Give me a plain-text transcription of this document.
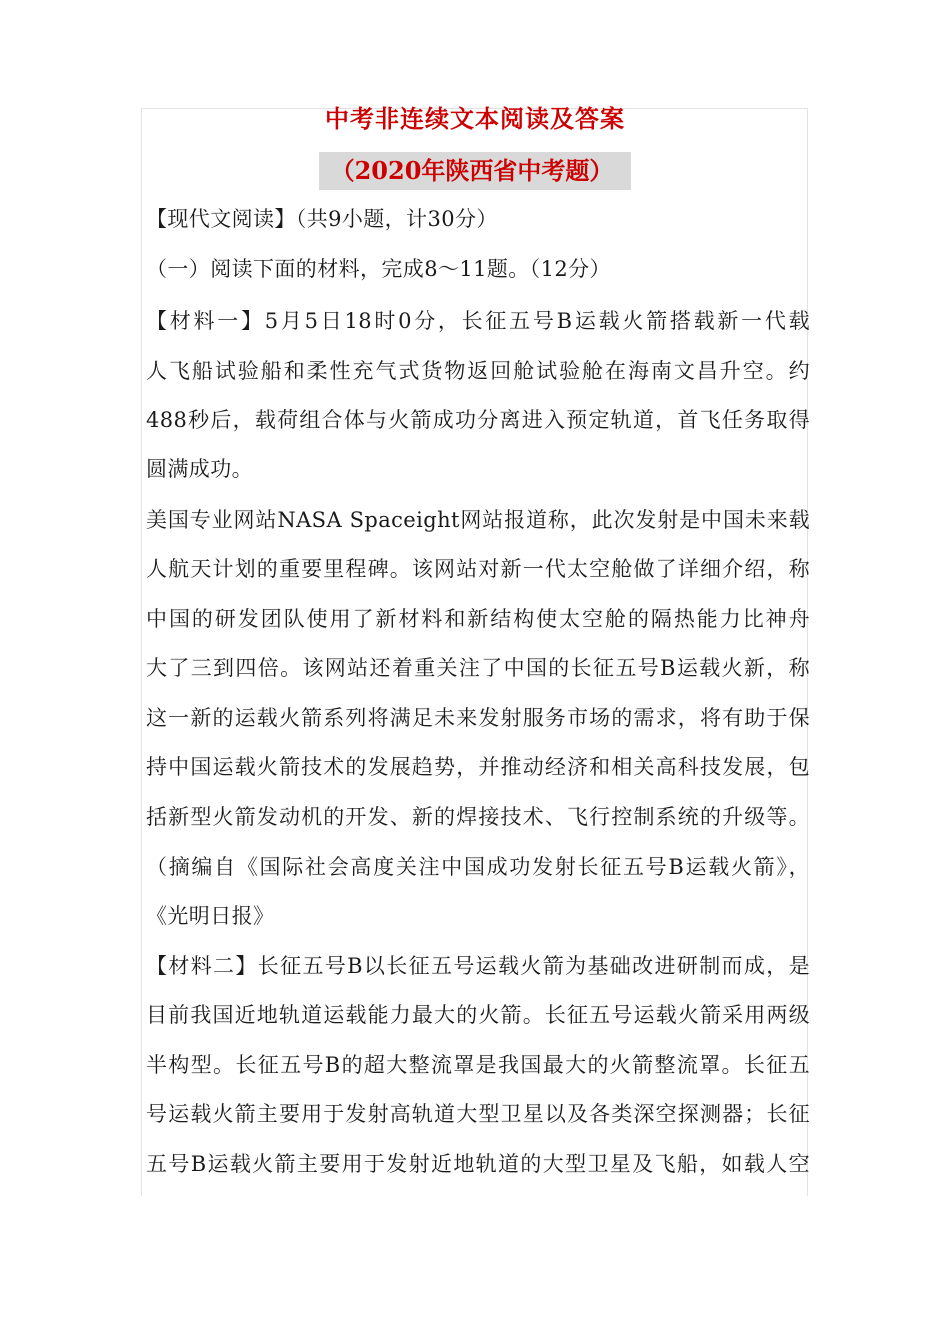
中考非连续文本阅读及答案
（2020年陕西省中考题）
【现代文阅读】（共9小题，计30分）
（一）阅读下面的材料，完成8～11题。（12分）
【材料一】5月5日18时0分，长征五号B运载火箭搭载新一代载
人飞船试验船和柔性充气式货物返回舱试验舱在海南文昌升空。约
488秒后，载荷组合体与火箭成功分离进入预定轨道，首飞任务取得
圆满成功。
美国专业网站NASA Spaceight网站报道称，此次发射是中国未来载
人航天计划的重要里程碑。该网站对新一代太空舱做了详细介绍，称
中国的研发团队使用了新材料和新结构使太空舱的隔热能力比神舟
大了三到四倍。该网站还着重关注了中国的长征五号B运载火新，称
这一新的运载火箭系列将满足未来发射服务市场的需求，将有助于保
持中国运载火箭技术的发展趋势，并推动经济和相关高科技发展，包
括新型火箭发动机的开发、新的焊接技术、飞行控制系统的升级等。
（摘编自《国际社会高度关注中国成功发射长征五号B运载火箭》，
《光明日报》
【材料二】长征五号B以长征五号运载火箭为基础改进研制而成，是
目前我国近地轨道运载能力最大的火箭。长征五号运载火箭采用两级
半构型。长征五号B的超大整流罩是我国最大的火箭整流罩。长征五
号运载火箭主要用于发射高轨道大型卫星以及各类深空探测器；长征
五号B运载火箭主要用于发射近地轨道的大型卫星及飞船，如载人空
